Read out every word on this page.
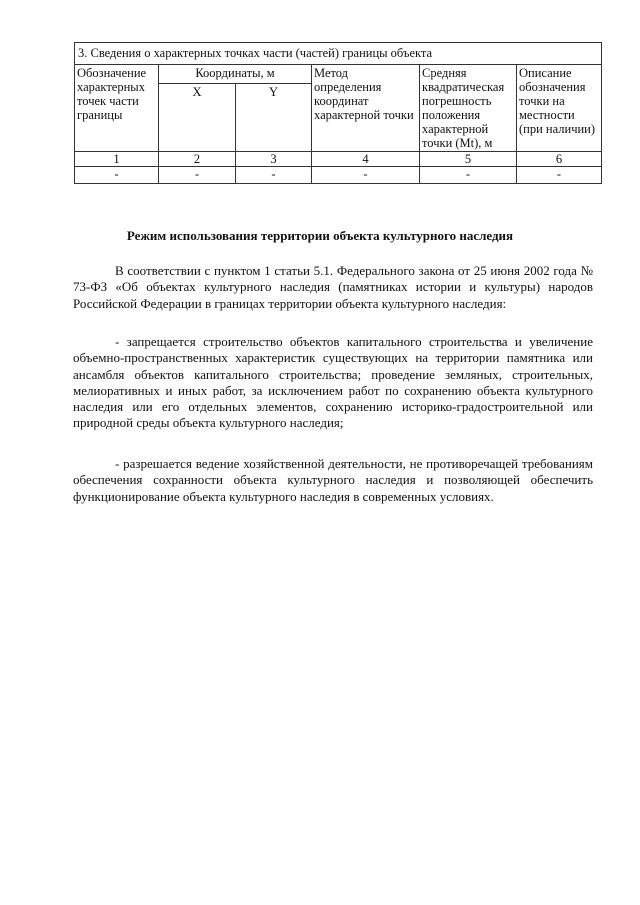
3. Сведения о характерных точках части (частей) границы объекта					
Обозначение характерных точек части границы	Координаты, м		Метод определения координат характерной точки	Средняя квадратическая погрешность положения характерной точки (Mt), м	Описание обозначения точки на местности (при наличии)
	X	Y			
1	2	3	4	5	6
-	-	-	-	-	-
Режим использования территории объекта культурного наследия

В соответствии с пунктом 1 статьи 5.1. Федерального закона от 25 июня 2002 года № 73-ФЗ «Об объектах культурного наследия (памятниках истории и культуры) народов Российской Федерации в границах территории объекта культурного наследия:

- запрещается строительство объектов капитального строительства и увеличение объемно-пространственных характеристик существующих на территории памятника или ансамбля объектов капитального строительства; проведение земляных, строительных, мелиоративных и иных работ, за исключением работ по сохранению объекта культурного наследия или его отдельных элементов, сохранению историко-градостроительной или природной среды объекта культурного наследия;

- разрешается ведение хозяйственной деятельности, не противоречащей требованиям обеспечения сохранности объекта культурного наследия и позволяющей обеспечить функционирование объекта культурного наследия в современных условиях.
